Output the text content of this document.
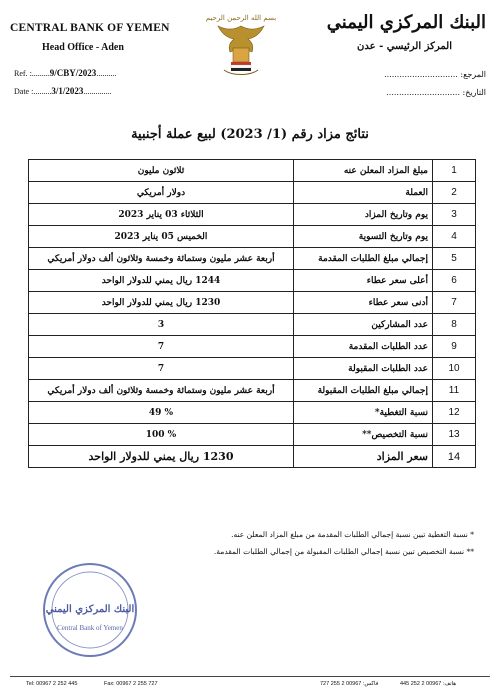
CENTRAL BANK OF YEMEN
Head Office - Aden
Ref. :.........9/CBY/2023..........
Date :.........3/1/2023..............
بسم الله الرحمن الرحيم	البنك المركزي اليمني
المركز الرئيسي - عدن
المرجع: .............................
التاريخ: .............................
نتائج مزاد رقم (1/ 2023) لبيع عملة أجنبية
1	مبلغ المزاد المعلن عنه	ثلاثون مليون
2	العملة	دولار أمريكي
3	يوم وتاريخ المزاد	الثلاثاء 03 يناير 2023
4	يوم وتاريخ التسوية	الخميس 05 يناير 2023
5	إجمالي مبلغ الطلبات المقدمة	أربعة عشر مليون وستمائة وخمسة وثلاثون ألف دولار أمريكي
6	أعلى سعر عطاء	1244 ريال يمني للدولار الواحد
7	أدنى سعر عطاء	1230 ريال يمني للدولار الواحد
8	عدد المشاركين	3
9	عدد الطلبات المقدمة	7
10	عدد الطلبات المقبولة	7
11	إجمالي مبلغ الطلبات المقبولة	أربعة عشر مليون وستمائة وخمسة وثلاثون ألف دولار أمريكي
12	نسبة التغطية*	% 49
13	نسبة التخصيص**	% 100
14	سعر المزاد	1230 ريال يمني للدولار الواحد
* نسبة التغطية تبين نسبة إجمالي الطلبات المقدمة من مبلغ المزاد المعلن عنه.
** نسبة التخصيص تبين نسبة إجمالي الطلبات المقبولة من إجمالي الطلبات المقدمة.
البنك المركزي اليمني
Central Bank of Yemen
Tel: 00967 2 252 445	Fax: 00967 2 255 727	فاكس: 00967 2 255 727	هاتف: 00967 2 252 445
